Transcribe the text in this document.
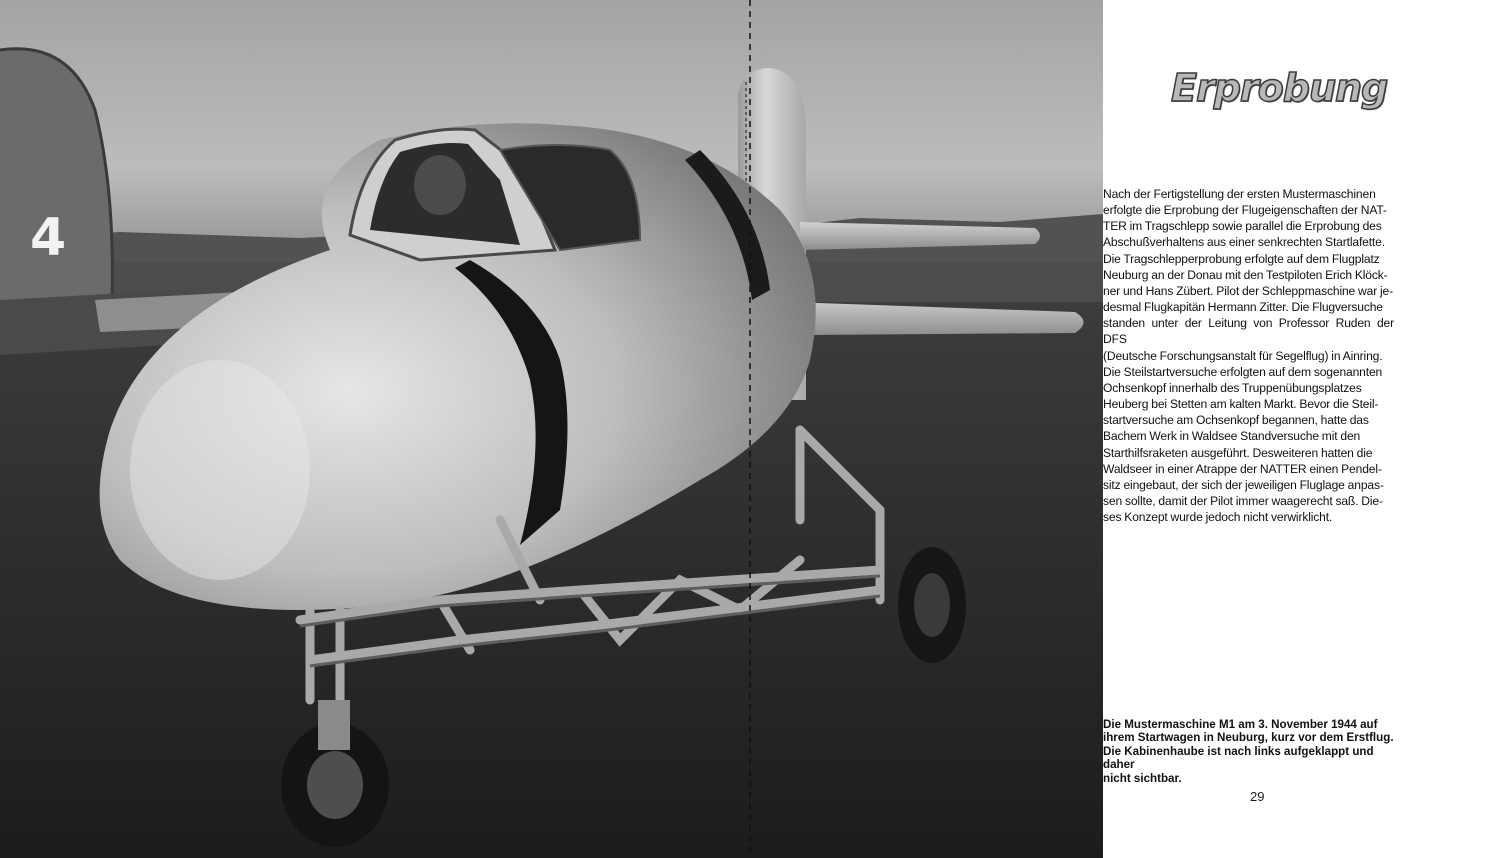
4
Erprobung
Nach der Fertigstellung der ersten Mustermaschinen
erfolgte die Erprobung der Flugeigenschaften der NAT-
TER im Tragschlepp sowie parallel die Erprobung des
Abschußverhaltens aus einer senkrechten Startlafette.
Die Tragschlepperprobung erfolgte auf dem Flugplatz
Neuburg an der Donau mit den Testpiloten Erich Klöck-
ner und Hans Zübert. Pilot der Schleppmaschine war je-
desmal Flugkapitän Hermann Zitter. Die Flugversuche
standen unter der Leitung von Professor Ruden der DFS
(Deutsche Forschungsanstalt für Segelflug) in Ainring.
Die Steilstartversuche erfolgten auf dem sogenannten
Ochsenkopf innerhalb des Truppenübungsplatzes
Heuberg bei Stetten am kalten Markt. Bevor die Steil-
startversuche am Ochsenkopf begannen, hatte das
Bachem Werk in Waldsee Standversuche mit den
Starthilfsraketen ausgeführt. Desweiteren hatten die
Waldseer in einer Atrappe der NATTER einen Pendel-
sitz eingebaut, der sich der jeweiligen Fluglage anpas-
sen sollte, damit der Pilot immer waagerecht saß. Die-
ses Konzept wurde jedoch nicht verwirklicht.
Die Mustermaschine M1 am 3. November 1944 auf
ihrem Startwagen in Neuburg, kurz vor dem Erstflug.
Die Kabinenhaube ist nach links aufgeklappt und daher
nicht sichtbar.
29
